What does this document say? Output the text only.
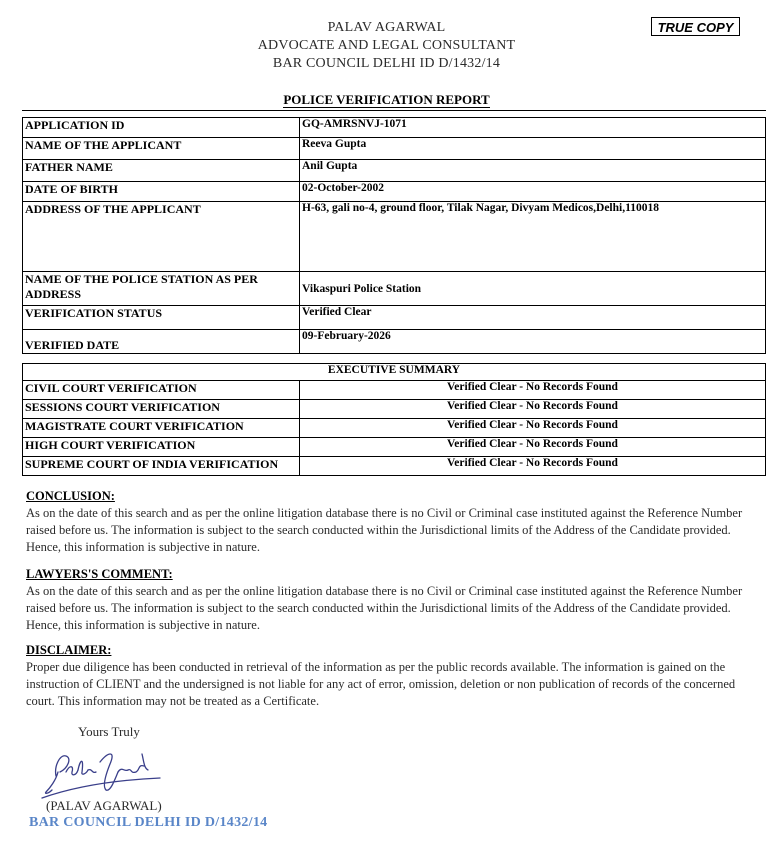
PALAV AGARWAL
ADVOCATE AND LEGAL CONSULTANT
BAR COUNCIL DELHI ID D/1432/14
TRUE COPY
POLICE VERIFICATION REPORT
APPLICATION ID	GQ-AMRSNVJ-1071
NAME OF THE APPLICANT	Reeva Gupta
FATHER NAME	Anil Gupta
DATE OF BIRTH	02-October-2002
ADDRESS OF THE APPLICANT	H-63, gali no-4, ground floor, Tilak Nagar, Divyam Medicos,Delhi,110018
NAME OF THE POLICE STATION AS PER ADDRESS	Vikaspuri Police Station
VERIFICATION STATUS	Verified Clear
VERIFIED DATE	09-February-2026
EXECUTIVE SUMMARY	
CIVIL COURT VERIFICATION	Verified Clear - No Records Found
SESSIONS COURT VERIFICATION	Verified Clear - No Records Found
MAGISTRATE COURT VERIFICATION	Verified Clear - No Records Found
HIGH COURT VERIFICATION	Verified Clear - No Records Found
SUPREME COURT OF INDIA VERIFICATION	Verified Clear - No Records Found
CONCLUSION:
As on the date of this search and as per the online litigation database there is no Civil or Criminal case instituted against the Reference Number raised before us. The information is subject to the search conducted within the Jurisdictional limits of the Address of the Candidate provided. Hence, this information is subjective in nature.
LAWYERS'S COMMENT:
As on the date of this search and as per the online litigation database there is no Civil or Criminal case instituted against the Reference Number raised before us. The information is subject to the search conducted within the Jurisdictional limits of the Address of the Candidate provided. Hence, this information is subjective in nature.
DISCLAIMER:
Proper due diligence has been conducted in retrieval of the information as per the public records available. The information is gained on the instruction of CLIENT and the undersigned is not liable for any act of error, omission, deletion or non publication of records of the concerned court. This information may not be treated as a Certificate.
Yours Truly
(PALAV AGARWAL)
BAR COUNCIL DELHI ID D/1432/14
